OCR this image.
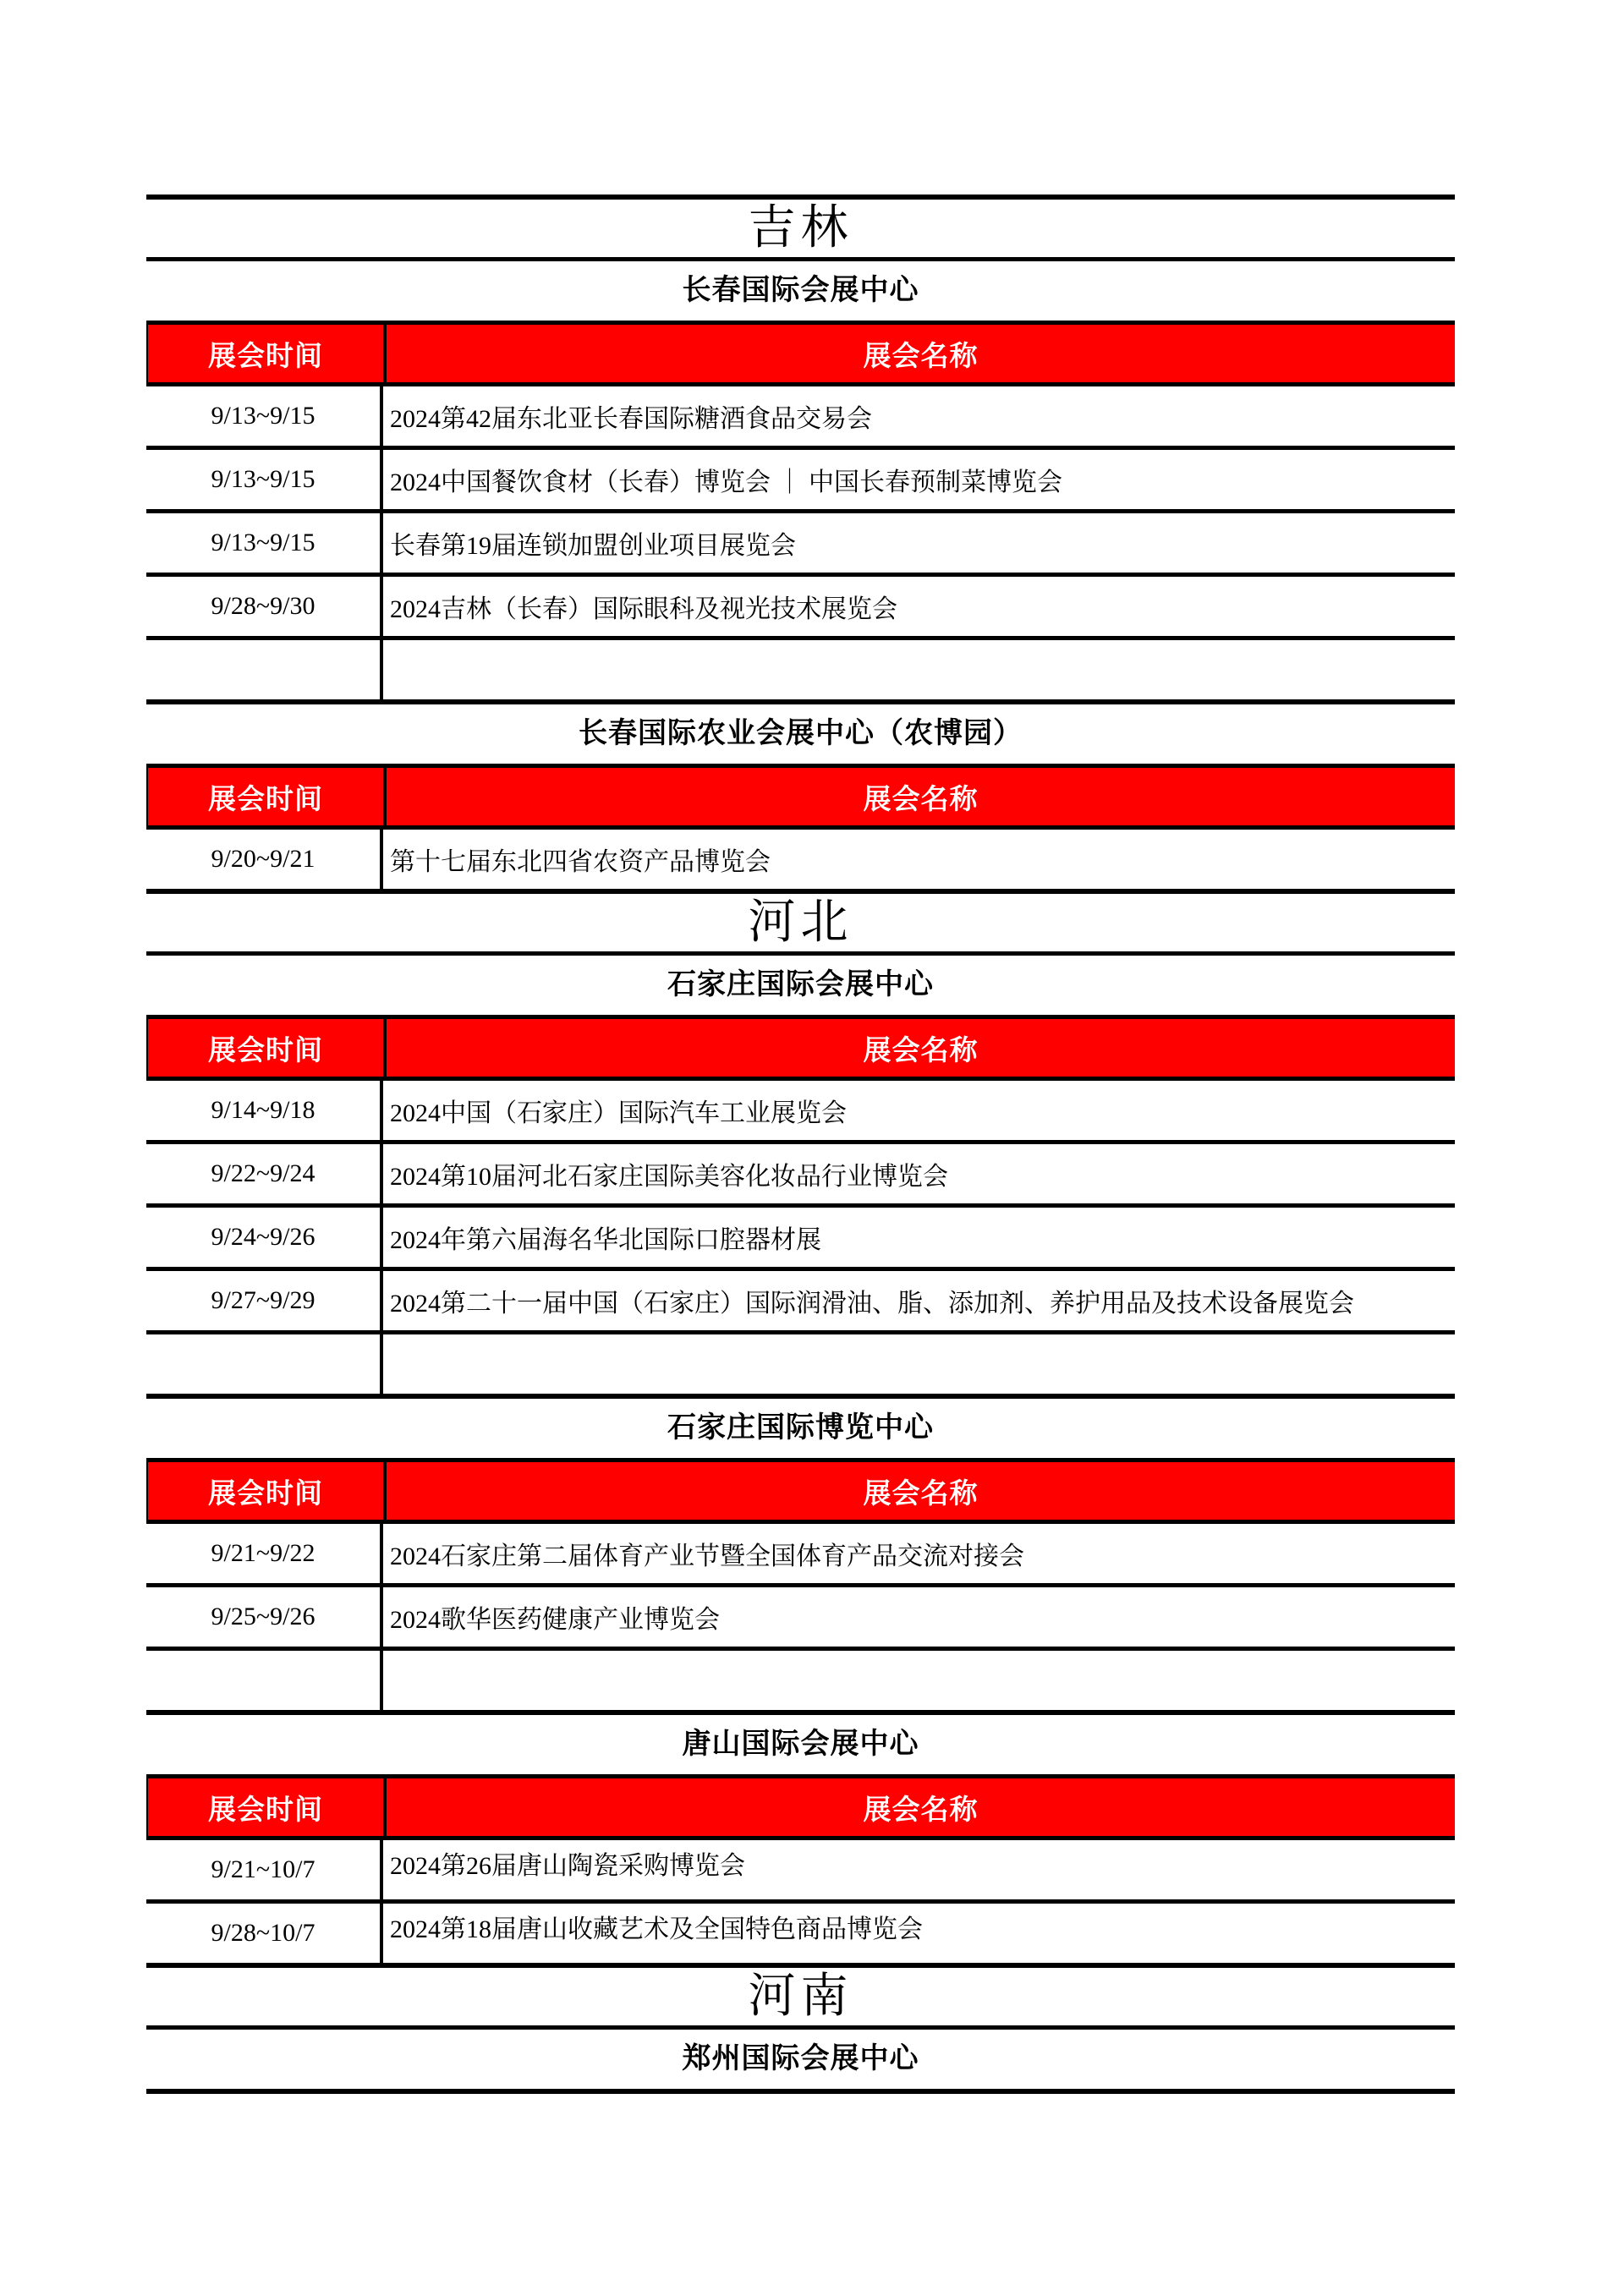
吉林
长春国际会展中心
展会时间	展会名称
9/13~9/15	2024第42届东北亚长春国际糖酒食品交易会
9/13~9/15	2024中国餐饮食材（长春）博览会 ｜ 中国长春预制菜博览会
9/13~9/15	长春第19届连锁加盟创业项目展览会
9/28~9/30	2024吉林（长春）国际眼科及视光技术展览会
长春国际农业会展中心（农博园）
展会时间	展会名称
9/20~9/21	第十七届东北四省农资产品博览会
河北
石家庄国际会展中心
展会时间	展会名称
9/14~9/18	2024中国（石家庄）国际汽车工业展览会
9/22~9/24	2024第10届河北石家庄国际美容化妆品行业博览会
9/24~9/26	2024年第六届海名华北国际口腔器材展
9/27~9/29	2024第二十一届中国（石家庄）国际润滑油、脂、添加剂、养护用品及技术设备展览会
石家庄国际博览中心
展会时间	展会名称
9/21~9/22	2024石家庄第二届体育产业节暨全国体育产品交流对接会
9/25~9/26	2024歌华医药健康产业博览会
唐山国际会展中心
展会时间	展会名称
9/21~10/7	2024第26届唐山陶瓷采购博览会
9/28~10/7	2024第18届唐山收藏艺术及全国特色商品博览会
河南
郑州国际会展中心
